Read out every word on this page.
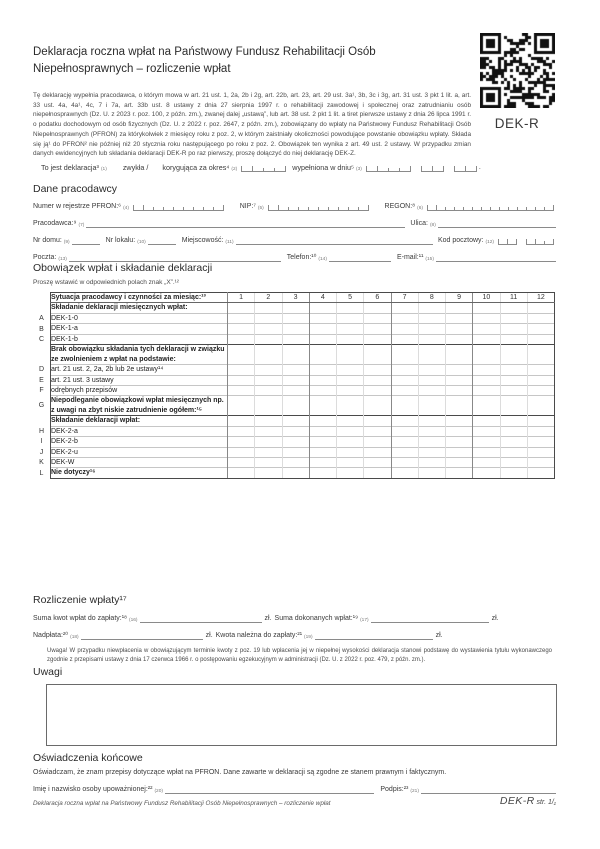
Deklaracja roczna wpłat na Państwowy Fundusz Rehabilitacji Osób Niepełnosprawnych – rozliczenie wpłat
DEK-R
Tę deklarację wypełnia pracodawca, o którym mowa w art. 21 ust. 1, 2a, 2b i 2g, art. 22b, art. 23, art. 29 ust. 3a¹, 3b, 3c i 3g, art. 31 ust. 3 pkt 1 lit. a, art. 33 ust. 4a, 4a¹, 4c, 7 i 7a, art. 33b ust. 8 ustawy z dnia 27 sierpnia 1997 r. o rehabilitacji zawodowej i społecznej oraz zatrudnianiu osób niepełnosprawnych (Dz. U. z 2023 r. poz. 100, z późn. zm.), zwanej dalej „ustawą”, lub art. 38 ust. 2 pkt 1 lit. a tiret pierwsze ustawy z dnia 26 lipca 1991 r. o podatku dochodowym od osób fizycznych (Dz. U. z 2022 r. poz. 2647, z późn. zm.), zobowiązany do wpłaty na Państwowy Fundusz Rehabilitacji Osób Niepełnosprawnych (PFRON) za którykolwiek z miesięcy roku z poz. 2, w którym zaistniały okoliczności powodujące powstanie obowiązku wpłaty. Składa się ją¹ do PFRON² nie później niż 20 stycznia roku następującego po roku z poz. 2. Obowiązek ten wynika z art. 49 ust. 2 ustawy. W przypadku zmian danych ewidencyjnych lub składania deklaracji DEK-R po raz pierwszy, proszę dołączyć do niej deklarację DEK-Z.
To jest deklaracja³ (1) zwykła / korygująca za okres⁴ (2)	wypełniona w dniu⁵ (3)	.
Dane pracodawcy
Numer w rejestrze PFRON:⁶ (4)	NIP:⁷ (5)	REGON:⁸ (6)
Pracodawca:⁹ (7)	Ulica: (8)
Nr domu: (9)	Nr lokalu: (10)	Miejscowość: (11)	Kod pocztowy: (12)
Poczta: (13)	Telefon:¹⁰ (14)	E-mail:¹¹ (15)
Obowiązek wpłat i składanie deklaracji
Proszę wstawić w odpowiednich polach znak „X”.¹²
	Sytuacja pracodawcy i czynności za miesiąc:¹³	1	2	3	4	5	6	7	8	9	10	11	12
	Składanie deklaracji miesięcznych wpłat:												
A	DEK-1-0												
B	DEK-1-a												
C	DEK-1-b												
	Brak obowiązku składania tych deklaracji w związku ze zwolnieniem z wpłat na podstawie:												
D	art. 21 ust. 2, 2a, 2b lub 2e ustawy¹⁴												
E	art. 21 ust. 3 ustawy												
F	odrębnych przepisów												
G	Niepodleganie obowiązkowi wpłat miesięcznych np. z uwagi na zbyt niskie zatrudnienie ogółem:¹⁵												
	Składanie deklaracji wpłat:												
H	DEK-2-a												
I	DEK-2-b												
J	DEK-2-u												
K	DEK-W												
L	Nie dotyczy¹⁶												
Rozliczenie wpłaty¹⁷
Suma kwot wpłat do zapłaty:¹⁸ (16)	zł. Suma dokonanych wpłat:¹⁹ (17)	zł.
Nadpłata:²⁰ (18)	zł. Kwota należna do zapłaty:²¹ (19)	zł.
Uwaga! W przypadku niewpłacenia w obowiązującym terminie kwoty z poz. 19 lub wpłacenia jej w niepełnej wysokości deklaracja stanowi podstawę do wystawienia tytułu wykonawczego zgodnie z przepisami ustawy z dnia 17 czerwca 1966 r. o postępowaniu egzekucyjnym w administracji (Dz. U. z 2022 r. poz. 479, z późn. zm.).
Uwagi
Oświadczenia końcowe
Oświadczam, że znam przepisy dotyczące wpłat na PFRON. Dane zawarte w deklaracji są zgodne ze stanem prawnym i faktycznym.
Imię i nazwisko osoby upoważnionej:²² (20)	Podpis:²³ (21)
Deklaracja roczna wpłat na Państwowy Fundusz Rehabilitacji Osób Niepełnosprawnych – rozliczenie wpłat	DEK-R str. 1/₁
